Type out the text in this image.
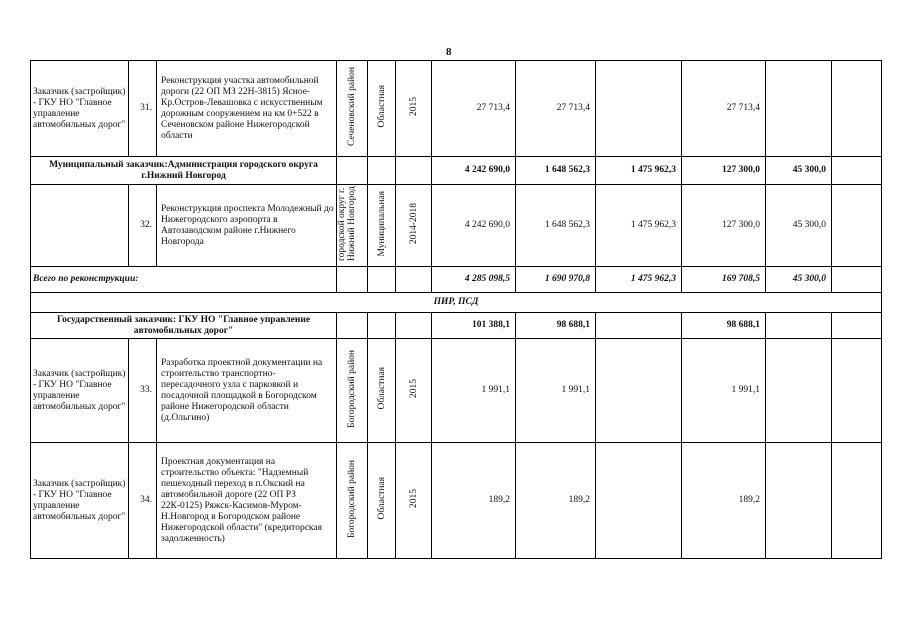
8
Заказчик (застройщик) - ГКУ НО "Главное управление автомобильных дорог"	31.	Реконструкция участка автомобильной дороги (22 ОП МЗ 22Н-3815) Ясное-Кр.Остров-Левашовка с искусственным дорожным сооружением на км 0+522 в Сеченовском районе Нижегородской области	Сеченовский район	Областная	2015	27 713,4	27 713,4		27 713,4		
Муниципальный заказчик:Администрация городского округа г.Нижний Новгород						4 242 690,0	1 648 562,3	1 475 962,3	127 300,0	45 300,0	
	32.	Реконструкция проспекта Молодежный до Нижегородского аэропорта в Автозаводском районе г.Нижнего Новгорода	городской округ г. Нижний Новгород	Муниципальная	2014-2018	4 242 690,0	1 648 562,3	1 475 962,3	127 300,0	45 300,0	
Всего по реконструкции:						4 285 098,5	1 690 970,8	1 475 962,3	169 708,5	45 300,0	
ПИР, ПСД											
Государственный заказчик: ГКУ НО "Главное управление автомобильных дорог"						101 388,1	98 688,1		98 688,1		
Заказчик (застройщик) - ГКУ НО "Главное управление автомобильных дорог"	33.	Разработка проектной документации на строительство транспортно-пересадочного узла с парковкой и посадочной площадкой в Богородском районе Нижегородской области (д.Ольгино)	Богородский район	Областная	2015	1 991,1	1 991,1		1 991,1		
Заказчик (застройщик) - ГКУ НО "Главное управление автомобильных дорог"	34.	Проектная документация на строительство объекта: "Надземный пешеходный переход в п.Окский на автомобильной дороге (22 ОП РЗ 22К-0125) Ряжск-Касимов-Муром-Н.Новгород в Богородском районе Нижегородской области" (кредиторская задолженность)	Богородский район	Областная	2015	189,2	189,2		189,2		
